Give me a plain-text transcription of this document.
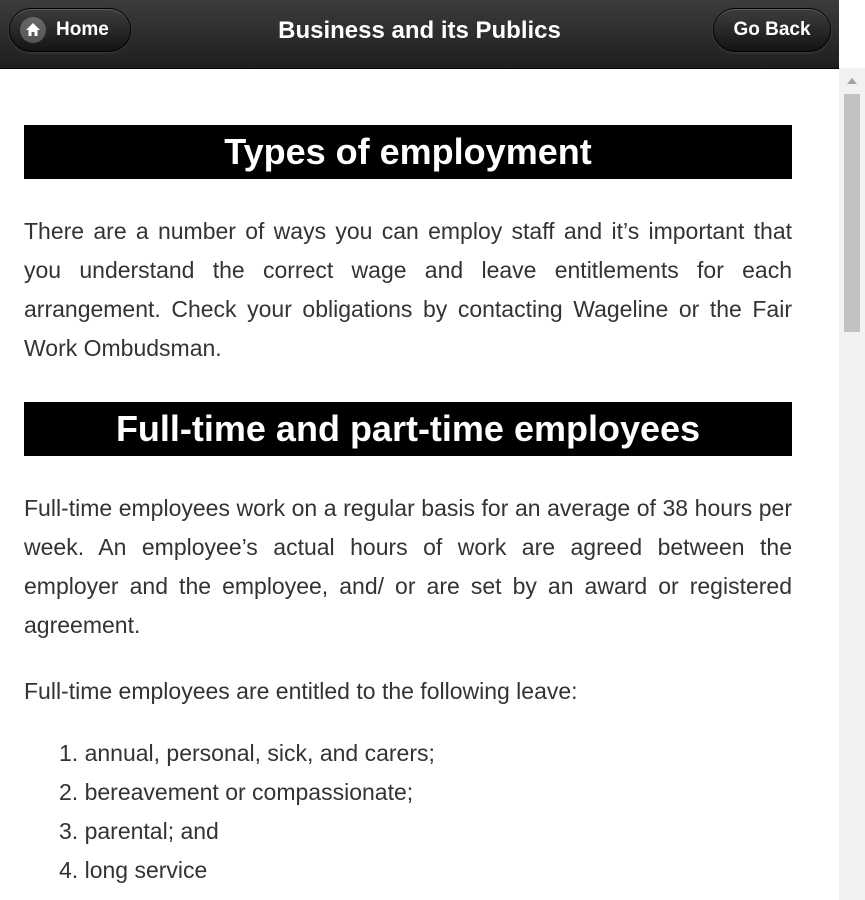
Home	Business and its Publics	Go Back
Types of employment

There are a number of ways you can employ staff and it’s important that you understand the correct wage and leave entitlements for each arrangement. Check your obligations by contacting Wageline or the Fair Work Ombudsman.

Full-time and part-time employees

Full-time employees work on a regular basis for an average of 38 hours per week. An employee’s actual hours of work are agreed between the employer and the employee, and/ or are set by an award or registered agreement.

Full-time employees are entitled to the following leave:

1. annual, personal, sick, and carers;
2. bereavement or compassionate;
3. parental; and
4. long service
